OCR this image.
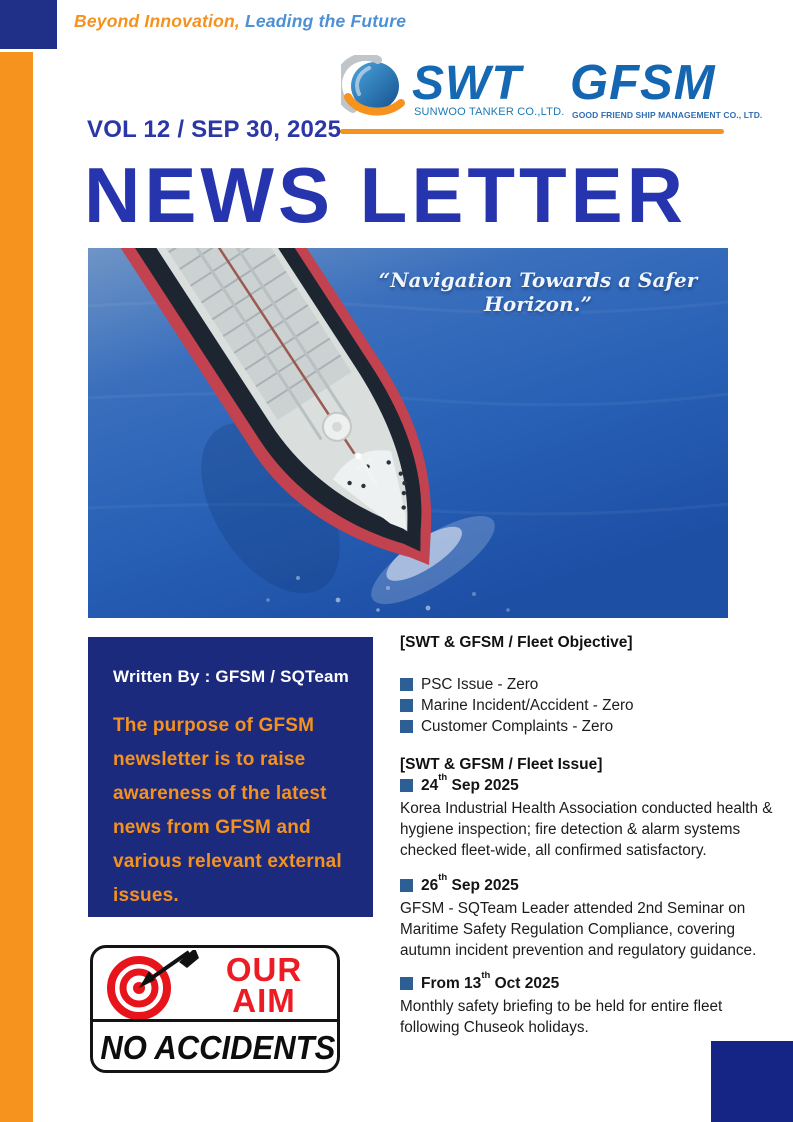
Beyond Innovation, Leading the Future
SWT
SUNWOO TANKER CO.,LTD.
GFSM
GOOD FRIEND SHIP MANAGEMENT CO., LTD.
VOL 12 / SEP 30, 2025
NEWS LETTER
“Navigation Towards a Safer Horizon.”
Written By : GFSM / SQTeam
The purpose of GFSM newsletter is to raise awareness of the latest news from GFSM and various relevant external issues.
[SWT & GFSM / Fleet Objective]
PSC Issue - Zero
Marine Incident/Accident - Zero
Customer Complaints - Zero
[SWT & GFSM / Fleet Issue]
24th Sep 2025
Korea Industrial Health Association conducted health & hygiene inspection; fire detection & alarm systems checked fleet-wide, all confirmed satisfactory.
26th Sep 2025
GFSM - SQTeam Leader attended 2nd Seminar on Maritime Safety Regulation Compliance, covering autumn incident prevention and regulatory guidance.
From 13th Oct 2025
Monthly safety briefing to be held for entire fleet following Chuseok holidays.
OUR
AIM
NO ACCIDENTS
